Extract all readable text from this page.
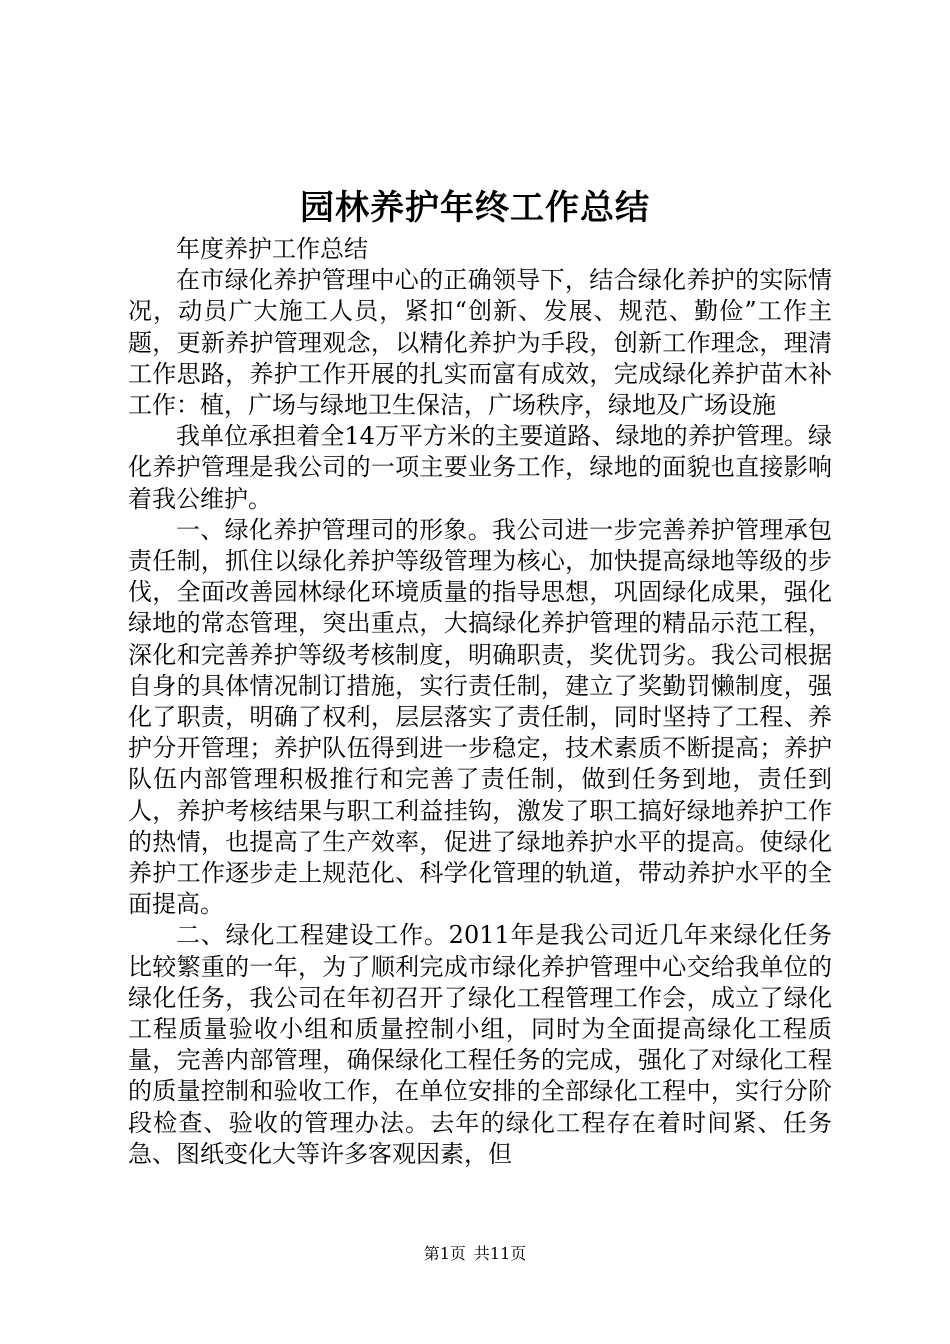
园林养护年终工作总结

年度养护工作总结

在市绿化养护管理中心的正确领导下，结合绿化养护的实际情况，动员广大施工人员，紧扣“创新、发展、规范、勤俭”工作主题，更新养护管理观念，以精化养护为手段，创新工作理念，理清工作思路，养护工作开展的扎实而富有成效，完成绿化养护苗木补工作：植，广场与绿地卫生保洁，广场秩序，绿地及广场设施

我单位承担着全14万平方米的主要道路、绿地的养护管理。绿化养护管理是我公司的一项主要业务工作，绿地的面貌也直接影响着我公维护。

一、绿化养护管理司的形象。我公司进一步完善养护管理承包责任制，抓住以绿化养护等级管理为核心，加快提高绿地等级的步伐，全面改善园林绿化环境质量的指导思想，巩固绿化成果，强化绿地的常态管理，突出重点，大搞绿化养护管理的精品示范工程，深化和完善养护等级考核制度，明确职责，奖优罚劣。我公司根据自身的具体情况制订措施，实行责任制，建立了奖勤罚懒制度，强化了职责，明确了权利，层层落实了责任制，同时坚持了工程、养护分开管理；养护队伍得到进一步稳定，技术素质不断提高；养护队伍内部管理积极推行和完善了责任制，做到任务到地，责任到人，养护考核结果与职工利益挂钩，激发了职工搞好绿地养护工作的热情，也提高了生产效率，促进了绿地养护水平的提高。使绿化养护工作逐步走上规范化、科学化管理的轨道，带动养护水平的全面提高。

二、绿化工程建设工作。2011年是我公司近几年来绿化任务比较繁重的一年，为了顺利完成市绿化养护管理中心交给我单位的绿化任务，我公司在年初召开了绿化工程管理工作会，成立了绿化工程质量验收小组和质量控制小组，同时为全面提高绿化工程质量，完善内部管理，确保绿化工程任务的完成，强化了对绿化工程的质量控制和验收工作，在单位安排的全部绿化工程中，实行分阶段检查、验收的管理办法。去年的绿化工程存在着时间紧、任务急、图纸变化大等许多客观因素，但

第1页 共11页
